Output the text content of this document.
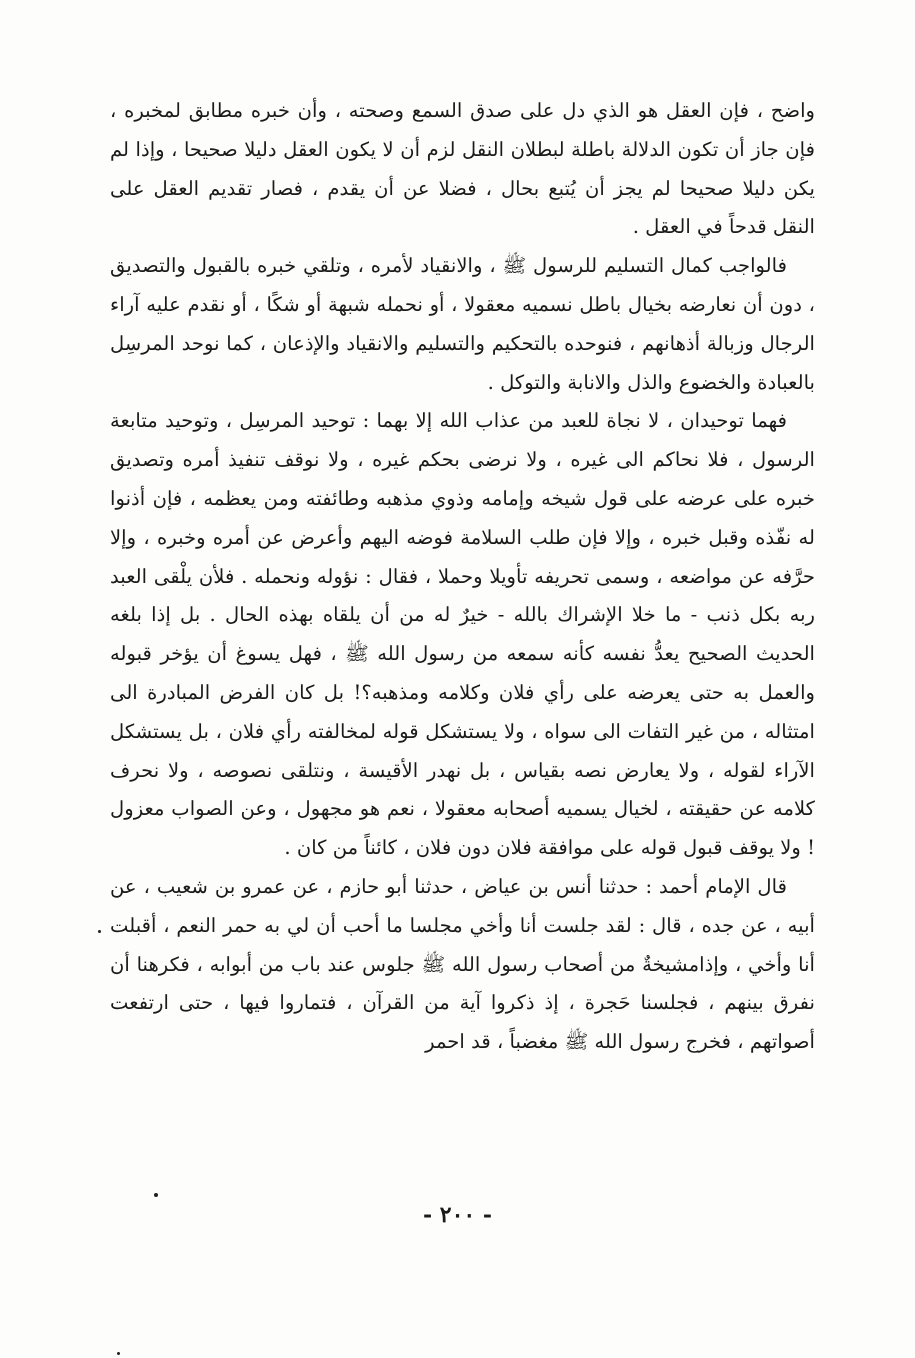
واضح ، فإن العقل هو الذي دل على صدق السمع وصحته ، وأن خبره مطابق لمخبره ، فإن جاز أن تكون الدلالة باطلة لبطلان النقل لزم أن لا يكون العقل دليلا صحيحا ، وإذا لم يكن دليلا صحيحا لم يجز أن يُتبع بحال ، فضلا عن أن يقدم ، فصار تقديم العقل على النقل قدحاً في العقل .

فالواجب كمال التسليم للرسول ﷺ ، والانقياد لأمره ، وتلقي خبره بالقبول والتصديق ، دون أن نعارضه بخيال باطل نسميه معقولا ، أو نحمله شبهة أو شكًا ، أو نقدم عليه آراء الرجال وزبالة أذهانهم ، فنوحده بالتحكيم والتسليم والانقياد والإذعان ، كما نوحد المرسِل بالعبادة والخضوع والذل والانابة والتوكل .

فهما توحيدان ، لا نجاة للعبد من عذاب الله إلا بهما : توحيد المرسِل ، وتوحيد متابعة الرسول ، فلا نحاكم الى غيره ، ولا نرضى بحكم غيره ، ولا نوقف تنفيذ أمره وتصديق خبره على عرضه على قول شيخه وإمامه وذوي مذهبه وطائفته ومن يعظمه ، فإن أذنوا له نفّذه وقبل خبره ، وإلا فإن طلب السلامة فوضه اليهم وأعرض عن أمره وخبره ، وإلا حرَّفه عن مواضعه ، وسمى تحريفه تأويلا وحملا ، فقال : نؤوله ونحمله . فلأن يلْقى العبد ربه بكل ذنب - ما خلا الإشراك بالله - خيرٌ له من أن يلقاه بهذه الحال . بل إذا بلغه الحديث الصحيح يعدُّ نفسه كأنه سمعه من رسول الله ﷺ ، فهل يسوغ أن يؤخر قبوله والعمل به حتى يعرضه على رأي فلان وكلامه ومذهبه؟! بل كان الفرض المبادرة الى امتثاله ، من غير التفات الى سواه ، ولا يستشكل قوله لمخالفته رأي فلان ، بل يستشكل الآراء لقوله ، ولا يعارض نصه بقياس ، بل نهدر الأقيسة ، ونتلقى نصوصه ، ولا نحرف كلامه عن حقيقته ، لخيال يسميه أصحابه معقولا ، نعم هو مجهول ، وعن الصواب معزول ! ولا يوقف قبول قوله على موافقة فلان دون فلان ، كائناً من كان .

قال الإمام أحمد : حدثنا أنس بن عياض ، حدثنا أبو حازم ، عن عمرو بن شعيب ، عن أبيه ، عن جده ، قال : لقد جلست أنا وأخي مجلسا ما أحب أن لي به حمر النعم ، أقبلت أنا وأخي ، وإذامشيخةٌ من أصحاب رسول الله ﷺ جلوس عند باب من أبوابه ، فكرهنا أن نفرق بينهم ، فجلسنا حَجرة ، إذ ذكروا آية من القرآن ، فتماروا فيها ، حتى ارتفعت أصواتهم ، فخرج رسول الله ﷺ مغضباً ، قد احمر

- ٢٠٠ -
